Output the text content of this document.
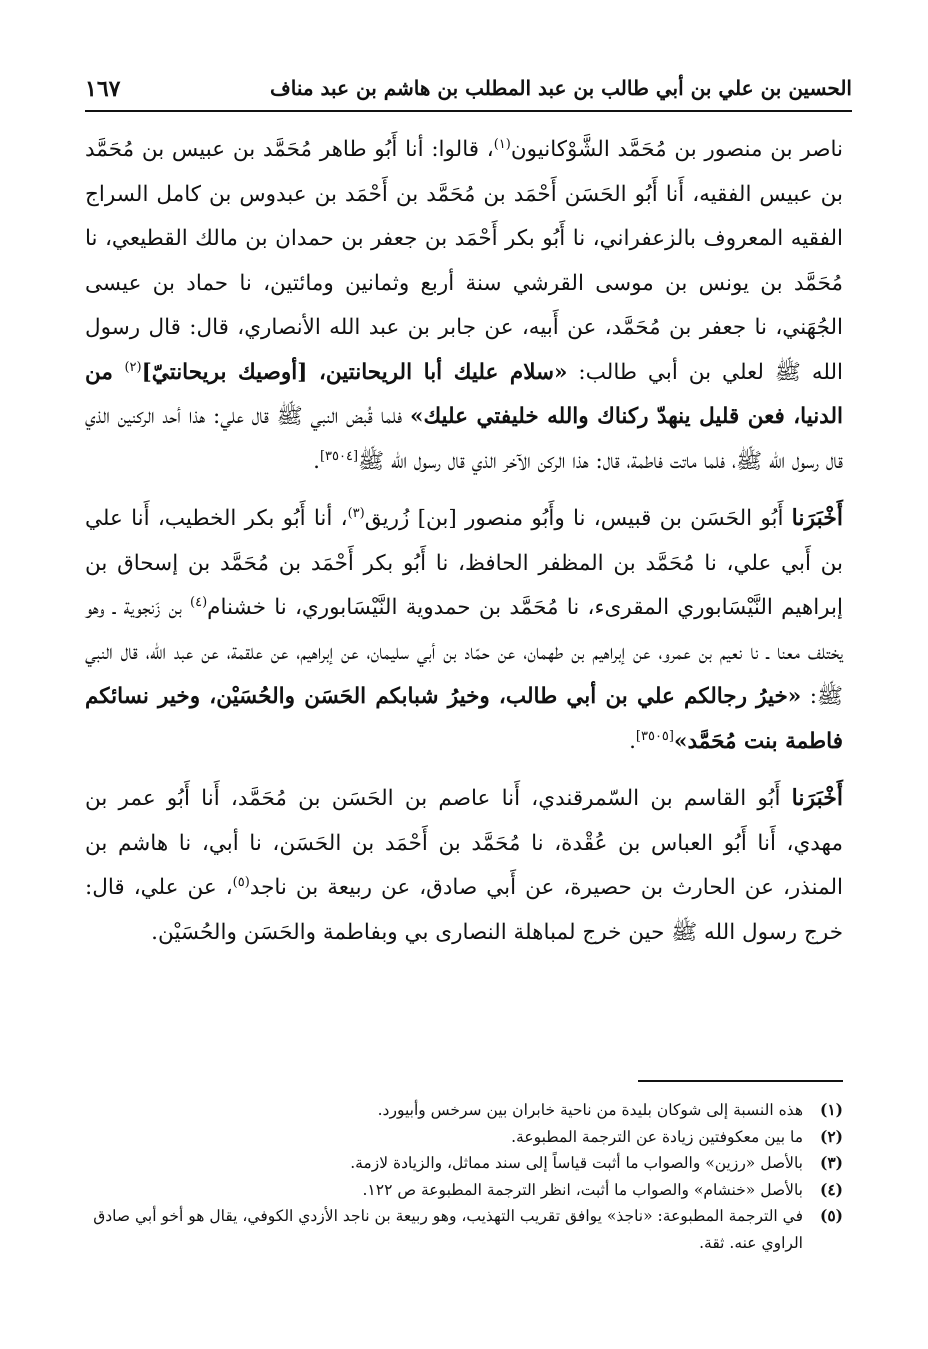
الحسين بن علي بن أبي طالب بن عبد المطلب بن هاشم بن عبد مناف
١٦٧

ناصر بن منصور بن مُحَمَّد الشَّوْكانيون$^{(١)}$، قالوا: أنا أَبُو طاهر مُحَمَّد بن عبيس بن مُحَمَّد بن عبيس الفقيه، أَنا أَبُو الحَسَن أَحْمَد بن مُحَمَّد بن أَحْمَد بن عبدوس بن كامل السراج الفقيه المعروف بالزعفراني، نا أَبُو بكر أَحْمَد بن جعفر بن حمدان بن مالك القطيعي، نا مُحَمَّد بن يونس بن موسى القرشي سنة أربع وثمانين ومائتين، نا حماد بن عيسى الجُهَني، نا جعفر بن مُحَمَّد، عن أَبيه، عن جابر بن عبد الله الأنصاري، قال: قال رسول الله ﷺ لعلي بن أبي طالب: «سلام عليك أبا الريحانتين، [أوصيك بريحانتيّ]$^{(٢)}$ من الدنيا، فعن قليل ينهدّ ركناك والله خليفتي عليك» فلما قُبض النبي ﷺ قال علي: هذا أحد الركنين الذي قال رسول الله ﷺ، فلما ماتت فاطمة، قال: هذا الركن الآخر الذي قال رسول الله ﷺ[٣٥٠٤].

أَخْبَرَنا أَبُو الحَسَن بن قبيس، نا وأَبُو منصور [بن] زُريق$^{(٣)}$، أنا أَبُو بكر الخطيب، أَنا علي بن أَبي علي، نا مُحَمَّد بن المظفر الحافظ، نا أَبُو بكر أَحْمَد بن مُحَمَّد بن إسحاق بن إبراهيم النَّيْسَابوري المقرىء، نا مُحَمَّد بن حمدوية النَّيْسَابوري، نا خشنام$^{(٤)}$ بن زَنجوية ـ وهو يختلف معنا ـ نا نعيم بن عمرو، عن إبراهيم بن طهمان، عن حمّاد بن أبي سليمان، عن إبراهيم، عن علقمة، عن عبد الله، قال النبي ﷺ: «خيرُ رجالكم علي بن أبي طالب، وخيرُ شبابكم الحَسَن والحُسَيْن، وخير نسائكم فاطمة بنت مُحَمَّد»[٣٥٠٥].

أَخْبَرَنا أَبُو القاسم بن السّمرقندي، أَنا عاصم بن الحَسَن بن مُحَمَّد، أَنا أَبُو عمر بن مهدي، أَنا أَبُو العباس بن عُقْدة، نا مُحَمَّد بن أَحْمَد بن الحَسَن، نا أبي، نا هاشم بن المنذر، عن الحارث بن حصيرة، عن أَبي صادق، عن ربيعة بن ناجد$^{(٥)}$، عن علي، قال: خرج رسول الله ﷺ حين خرج لمباهلة النصارى بي وبفاطمة والحَسَن والحُسَيْن.

(١)
هذه النسبة إلى شوكان بليدة من ناحية خابران بين سرخس وأبيورد.
(٢)
ما بين معكوفتين زيادة عن الترجمة المطبوعة.
(٣)
بالأصل «رزين» والصواب ما أثبت قياساً إلى سند مماثل، والزيادة لازمة.
(٤)
بالأصل «خنشام» والصواب ما أثبت، انظر الترجمة المطبوعة ص ١٢٢.
(٥)
في الترجمة المطبوعة: «ناجذ» يوافق تقريب التهذيب، وهو ربيعة بن ناجد الأزدي الكوفي، يقال هو أخو أبي صادق الراوي عنه. ثقة.
